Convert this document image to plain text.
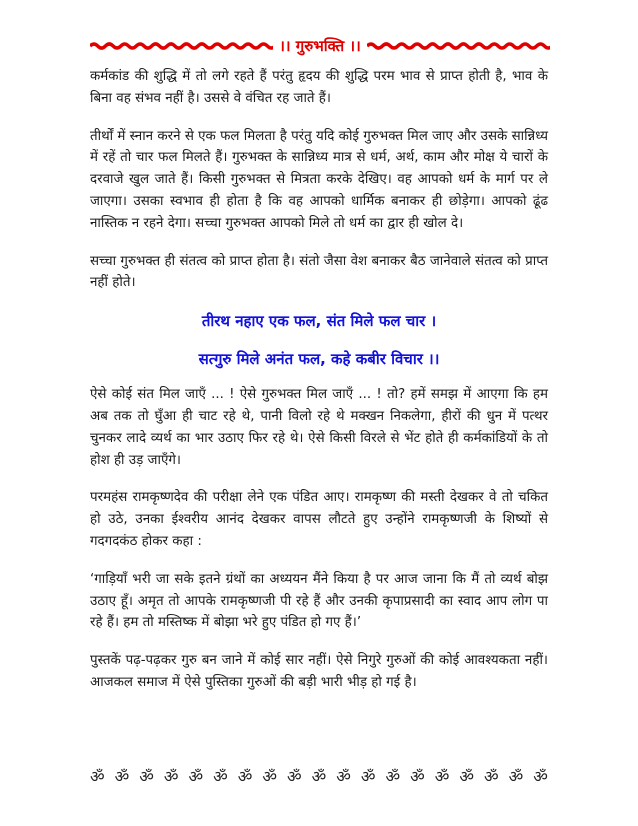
।। गुरुभक्ति ।।

कर्मकांड की शुद्धि में तो लगे रहते हैं परंतु हृदय की शुद्धि परम भाव से प्राप्त होती है, भाव के बिना वह संभव नहीं है। उससे वे वंचित रह जाते हैं।

तीर्थों में स्नान करने से एक फल मिलता है परंतु यदि कोई गुरुभक्त मिल जाए और उसके सान्निध्य में रहें तो चार फल मिलते हैं। गुरुभक्त के सान्निध्य मात्र से धर्म, अर्थ, काम और मोक्ष ये चारों के दरवाजे खुल जाते हैं। किसी गुरुभक्त से मित्रता करके देखिए। वह आपको धर्म के मार्ग पर ले जाएगा। उसका स्वभाव ही होता है कि वह आपको धार्मिक बनाकर ही छोड़ेगा। आपको ढूंढ नास्तिक न रहने देगा। सच्चा गुरुभक्त आपको मिले तो धर्म का द्वार ही खोल दे।

सच्चा गुरुभक्त ही संतत्व को प्राप्त होता है। संतो जैसा वेश बनाकर बैठ जानेवाले संतत्व को प्राप्त नहीं होते।

तीरथ नहाए एक फल, संत मिले फल चार ।

सत्गुरु मिले अनंत फल, कहे कबीर विचार ।।

ऐसे कोई संत मिल जाएँ ... ! ऐसे गुरुभक्त मिल जाएँ ... ! तो? हमें समझ में आएगा कि हम अब तक तो घुँआ ही चाट रहे थे, पानी विलो रहे थे मक्खन निकलेगा, हीरों की धुन में पत्थर चुनकर लादे व्यर्थ का भार उठाए फिर रहे थे। ऐसे किसी विरले से भेंट होते ही कर्मकांडियों के तो होश ही उड़ जाएँगे।

परमहंस रामकृष्णदेव की परीक्षा लेने एक पंडित आए। रामकृष्ण की मस्ती देखकर वे तो चकित हो उठे, उनका ईश्वरीय आनंद देखकर वापस लौटते हुए उन्होंने रामकृष्णजी के शिष्यों से गदगदकंठ होकर कहा :

‘गाड़ियाँ भरी जा सके इतने ग्रंथों का अध्ययन मैंने किया है पर आज जाना कि मैं तो व्यर्थ बोझ उठाए हूँ। अमृत तो आपके रामकृष्णजी पी रहे हैं और उनकी कृपाप्रसादी का स्वाद आप लोग पा रहे हैं। हम तो मस्तिष्क में बोझा भरे हुए पंडित हो गए हैं।’

पुस्तकें पढ़-पढ़कर गुरु बन जाने में कोई सार नहीं। ऐसे निगुरे गुरुओं की कोई आवश्यकता नहीं। आजकल समाज में ऐसे पुस्तिका गुरुओं की बड़ी भारी भीड़ हो गई है।

ॐ ॐ ॐ ॐ ॐ ॐ ॐ ॐ ॐ ॐ ॐ ॐ ॐ ॐ ॐ ॐ ॐ ॐ ॐ
